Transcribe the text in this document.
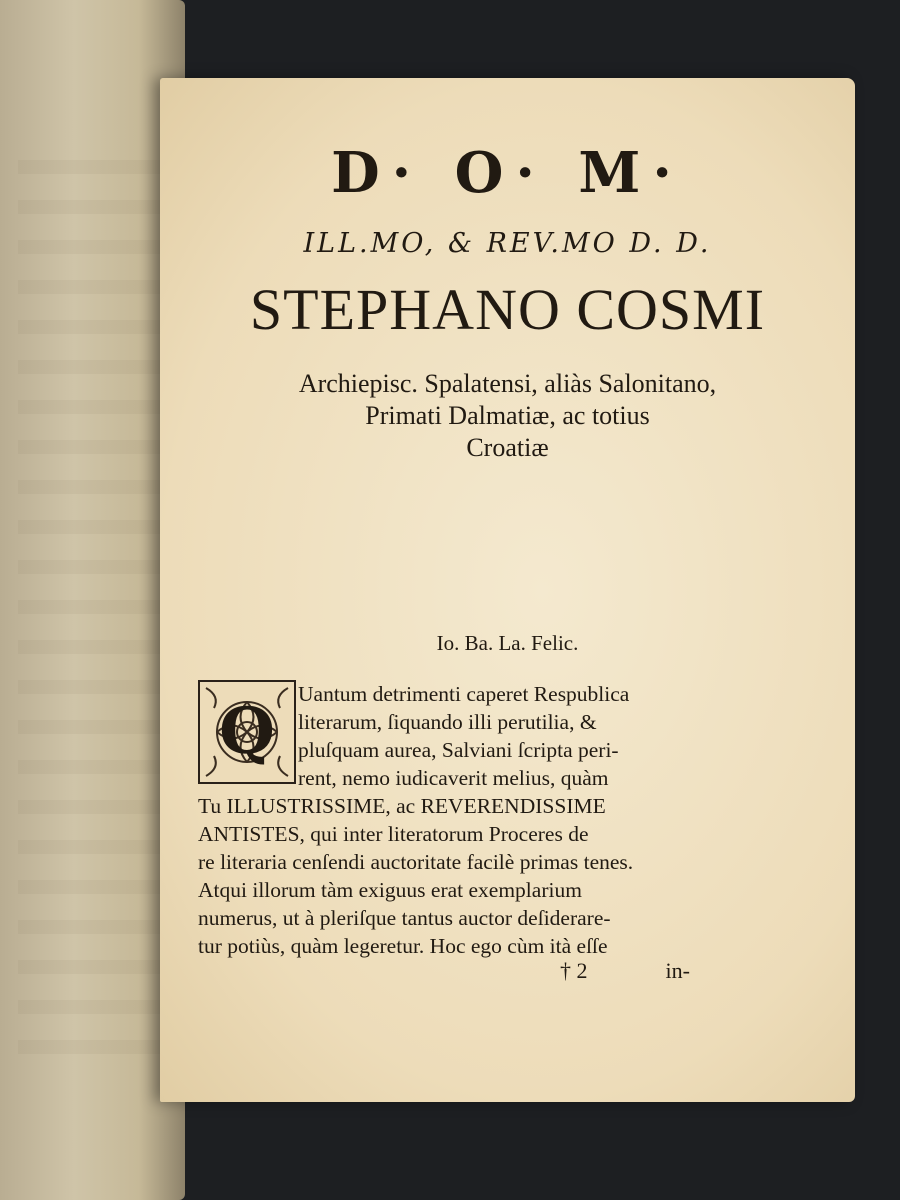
D· O· M·
ILL.MO, & REV.MO D. D.
STEPHANO COSMI
Archiepisc. Spalatensi, aliàs Salonitano,
Primati Dalmatiæ, ac totius
Croatiæ
Io. Ba. La. Felic.
Uantum detrimenti caperet Respublica
literarum, ſiquando illi perutilia, &
pluſquam aurea, Salviani ſcripta peri-
rent, nemo iudicaverit melius, quàm
Tu ILLUSTRISSIME, ac REVERENDISSIME
ANTISTES, qui inter literatorum Proceres de
re literaria cenſendi auctoritate facilè primas tenes.
Atqui illorum tàm exiguus erat exemplarium
numerus, ut à pleriſque tantus auctor deſiderare-
tur potiùs, quàm legeretur. Hoc ego cùm ità eſſe
Q
† 2	in-
